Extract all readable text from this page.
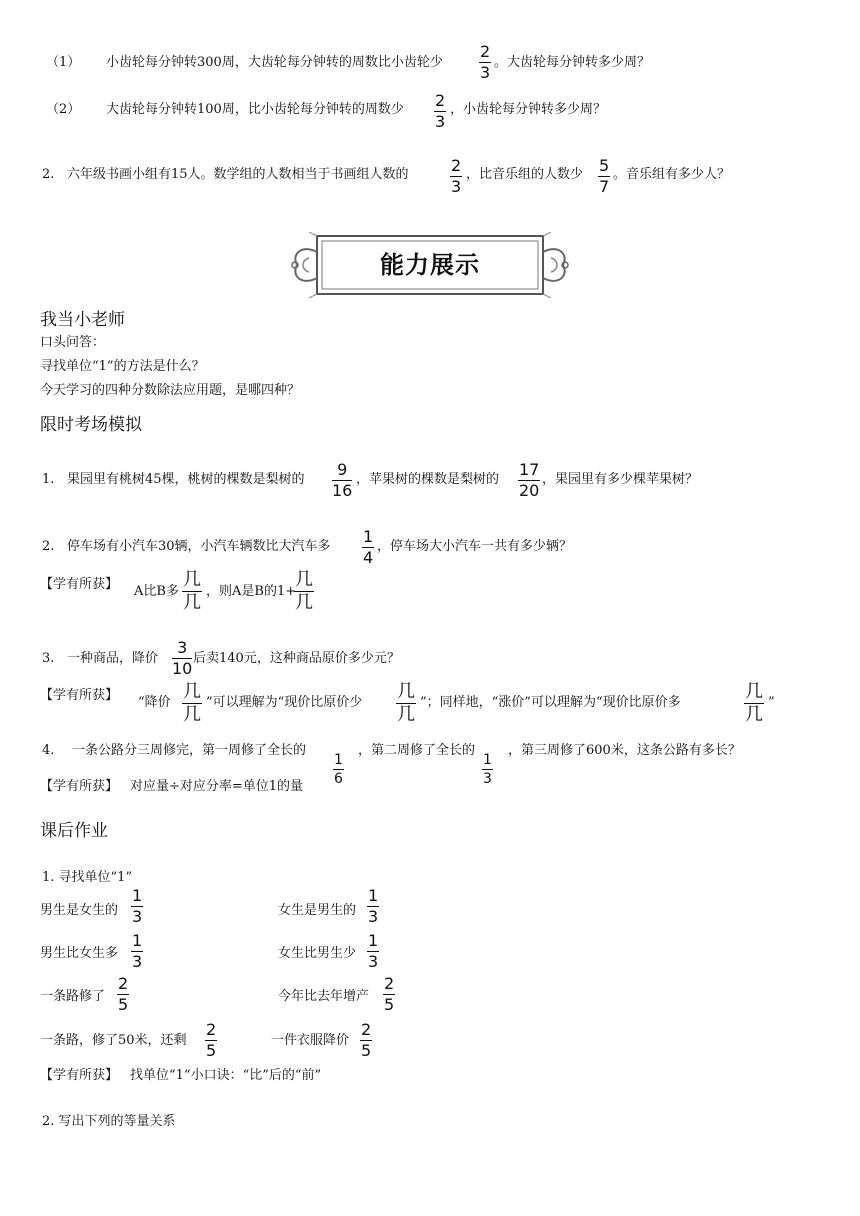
（1） 小齿轮每分钟转300周，大齿轮每分钟转的周数比小齿轮少
2
3
。大齿轮每分钟转多少周？
（2） 大齿轮每分钟转100周，比小齿轮每分钟转的周数少 2
3
，小齿轮每分钟转多少周？
2. 六年级书画小组有15人。数学组的人数相当于书画组人数的	2
3
，比音乐组的人数少 5
7
。音乐组有多少人？
能力展示
我当小老师
口头问答：
寻找单位“1”的方法是什么？
今天学习的四种分数除法应用题，是哪四种？
限时考场模拟
1. 果园里有桃树45棵，桃树的棵数是梨树的
9
16
，苹果树的棵数是梨树的
17
20
，果园里有多少棵苹果树？
2. 停车场有小汽车30辆，小汽车辆数比大汽车多
1
4
，停车场大小汽车一共有多少辆？
【学有所获】 A比B多
几
几
，则A是B的1+
几
几
3. 一种商品，降价
3
10
后卖140元，这种商品原价多少元？
【学有所获】 “降价
几
几
”可以理解为“现价比原价少
几
几
”；同样地，“涨价”可以理解为“现价比原价多
几
几
”
4. 一条公路分三周修完，第一周修了全长的
1
6
，第二周修了全长的
1
3
，第三周修了600米，这条公路有多长？
【学有所获】 对应量÷对应分率=单位1的量
课后作业
1. 寻找单位“1”
男生是女生的
1
3	女生是男生的
1
3
男生比女生多
1
3	女生比男生少
1
3
一条路修了
2
5	今年比去年增产
2
5
一条路，修了50米，还剩
2
5
一件衣服降价
2
5
【学有所获】 找单位“1“小口诀：“比”后的“前”
2. 写出下列的等量关系
